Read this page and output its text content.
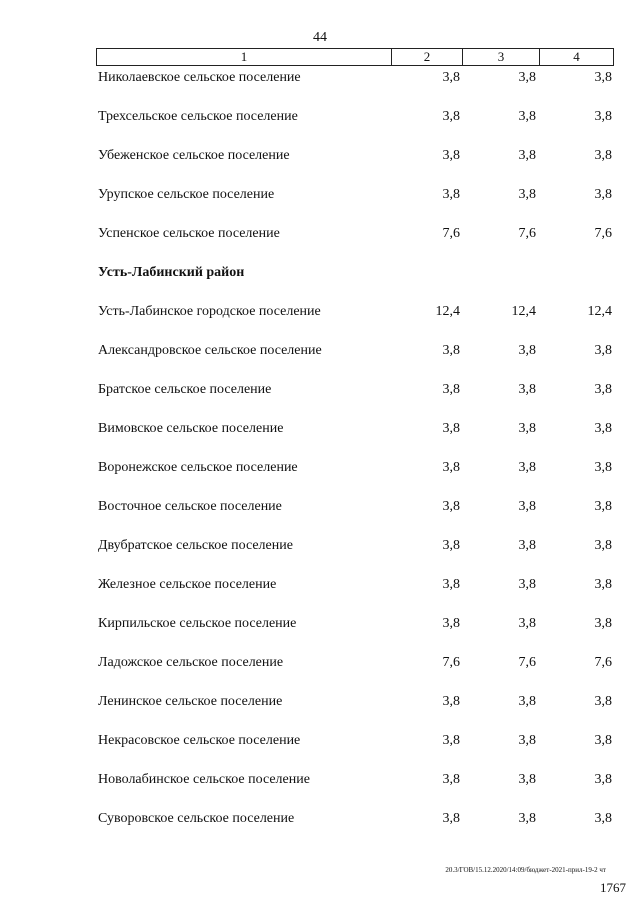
44
1	2	3	4
Николаевское сельское поселение	3,8	3,8	3,8
Трехсельское сельское поселение	3,8	3,8	3,8
Убеженское сельское поселение	3,8	3,8	3,8
Урупское сельское поселение	3,8	3,8	3,8
Успенское сельское поселение	7,6	7,6	7,6
Усть-Лабинский район
Усть-Лабинское городское поселение	12,4	12,4	12,4
Александровское сельское поселение	3,8	3,8	3,8
Братское сельское поселение	3,8	3,8	3,8
Вимовское сельское поселение	3,8	3,8	3,8
Воронежское сельское поселение	3,8	3,8	3,8
Восточное сельское поселение	3,8	3,8	3,8
Двубратское сельское поселение	3,8	3,8	3,8
Железное сельское поселение	3,8	3,8	3,8
Кирпильское сельское поселение	3,8	3,8	3,8
Ладожское сельское поселение	7,6	7,6	7,6
Ленинское сельское поселение	3,8	3,8	3,8
Некрасовское сельское поселение	3,8	3,8	3,8
Новолабинское сельское поселение	3,8	3,8	3,8
Суворовское сельское поселение	3,8	3,8	3,8
20.3/ГОВ/15.12.2020/14:09/бюджет-2021-прил-19-2 чт
1767
